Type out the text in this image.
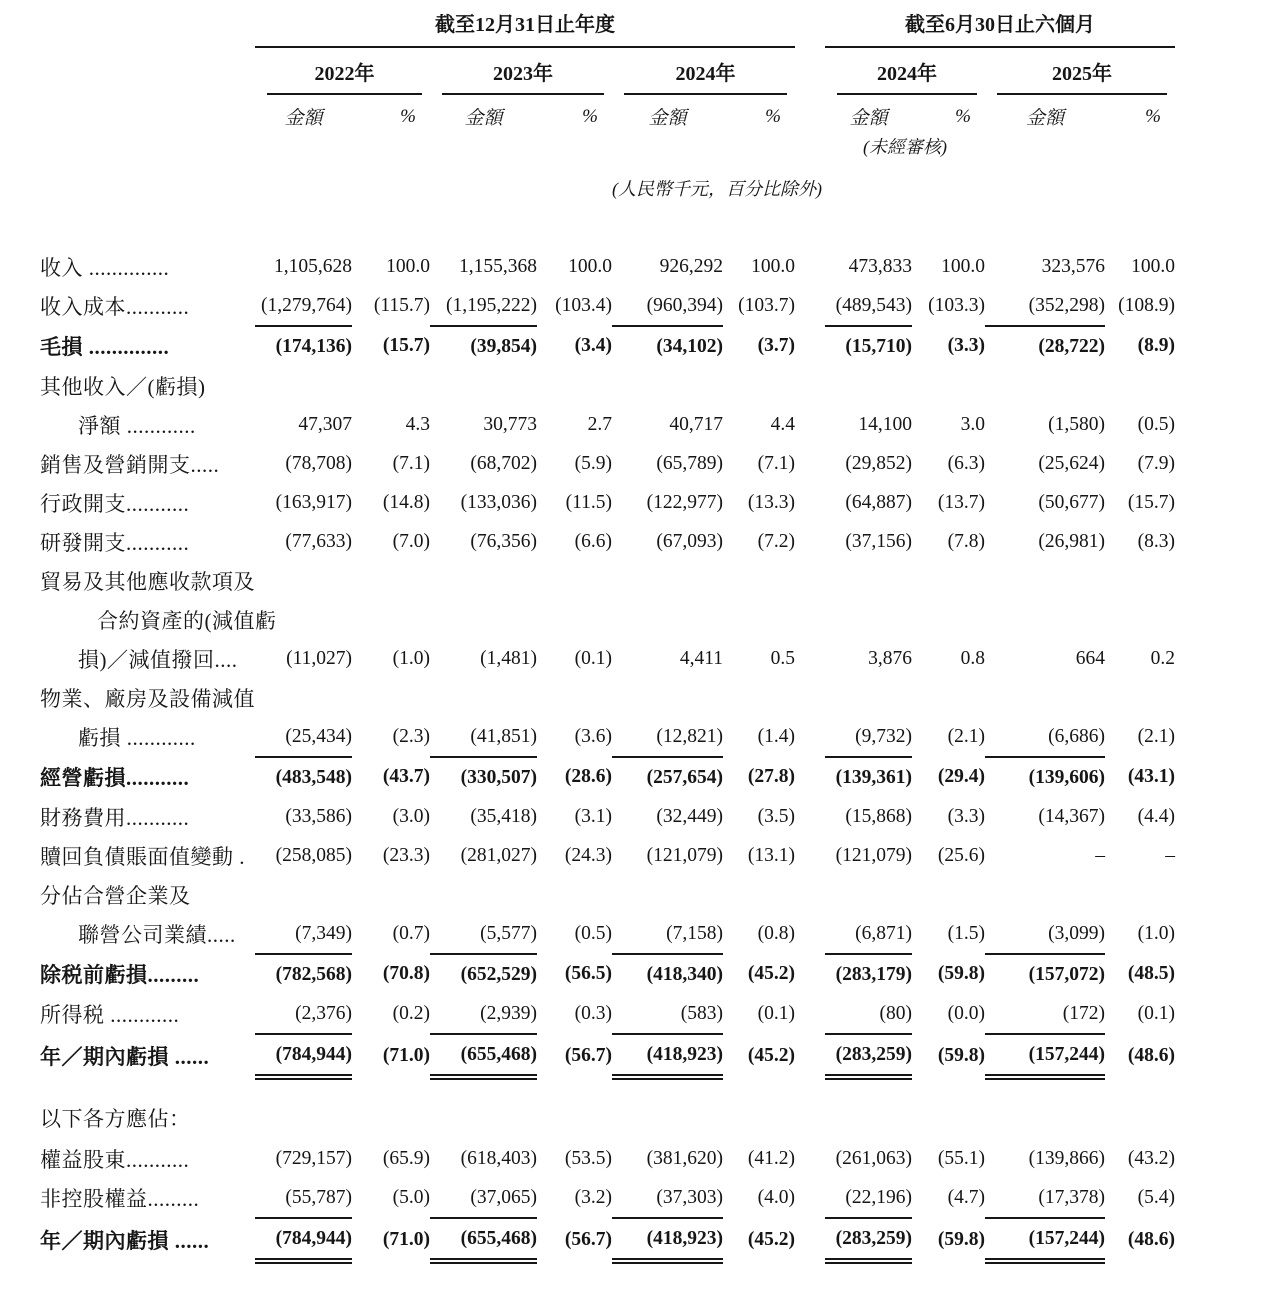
	截至12月31日止年度							截至6月30日止六個月			

	2022年		2023年		2024年			2024年		2025年	

	金額	%	金額	%	金額	%		金額	%	金額	%
								(未經審核)			
					(人民幣千元，百分比除外)						
收入 ..............	1,105,628	100.0	1,155,368	100.0	926,292	100.0		473,833	100.0	323,576	100.0
收入成本...........	(1,279,764)	(115.7)	(1,195,222)	(103.4)	(960,394)	(103.7)		(489,543)	(103.3)	(352,298)	(108.9)
毛損 ..............	(174,136)	(15.7)	(39,854)	(3.4)	(34,102)	(3.7)		(15,710)	(3.3)	(28,722)	(8.9)
其他收入／(虧損)											
淨額 ............	47,307	4.3	30,773	2.7	40,717	4.4		14,100	3.0	(1,580)	(0.5)
銷售及營銷開支.....	(78,708)	(7.1)	(68,702)	(5.9)	(65,789)	(7.1)		(29,852)	(6.3)	(25,624)	(7.9)
行政開支...........	(163,917)	(14.8)	(133,036)	(11.5)	(122,977)	(13.3)		(64,887)	(13.7)	(50,677)	(15.7)
研發開支...........	(77,633)	(7.0)	(76,356)	(6.6)	(67,093)	(7.2)		(37,156)	(7.8)	(26,981)	(8.3)
貿易及其他應收款項及											
合約資產的(減值虧											
損)／減值撥回....	(11,027)	(1.0)	(1,481)	(0.1)	4,411	0.5		3,876	0.8	664	0.2
物業、廠房及設備減值											
虧損 ............	(25,434)	(2.3)	(41,851)	(3.6)	(12,821)	(1.4)		(9,732)	(2.1)	(6,686)	(2.1)
經營虧損...........	(483,548)	(43.7)	(330,507)	(28.6)	(257,654)	(27.8)		(139,361)	(29.4)	(139,606)	(43.1)
財務費用...........	(33,586)	(3.0)	(35,418)	(3.1)	(32,449)	(3.5)		(15,868)	(3.3)	(14,367)	(4.4)
贖回負債賬面值變動 .	(258,085)	(23.3)	(281,027)	(24.3)	(121,079)	(13.1)		(121,079)	(25.6)	–	–
分佔合營企業及											
聯營公司業績.....	(7,349)	(0.7)	(5,577)	(0.5)	(7,158)	(0.8)		(6,871)	(1.5)	(3,099)	(1.0)
除税前虧損.........	(782,568)	(70.8)	(652,529)	(56.5)	(418,340)	(45.2)		(283,179)	(59.8)	(157,072)	(48.5)
所得税 ............	(2,376)	(0.2)	(2,939)	(0.3)	(583)	(0.1)		(80)	(0.0)	(172)	(0.1)
年／期內虧損 ......	(784,944)	(71.0)	(655,468)	(56.7)	(418,923)	(45.2)		(283,259)	(59.8)	(157,244)	(48.6)
以下各方應佔：											
權益股東...........	(729,157)	(65.9)	(618,403)	(53.5)	(381,620)	(41.2)		(261,063)	(55.1)	(139,866)	(43.2)
非控股權益.........	(55,787)	(5.0)	(37,065)	(3.2)	(37,303)	(4.0)		(22,196)	(4.7)	(17,378)	(5.4)
年／期內虧損 ......	(784,944)	(71.0)	(655,468)	(56.7)	(418,923)	(45.2)		(283,259)	(59.8)	(157,244)	(48.6)
